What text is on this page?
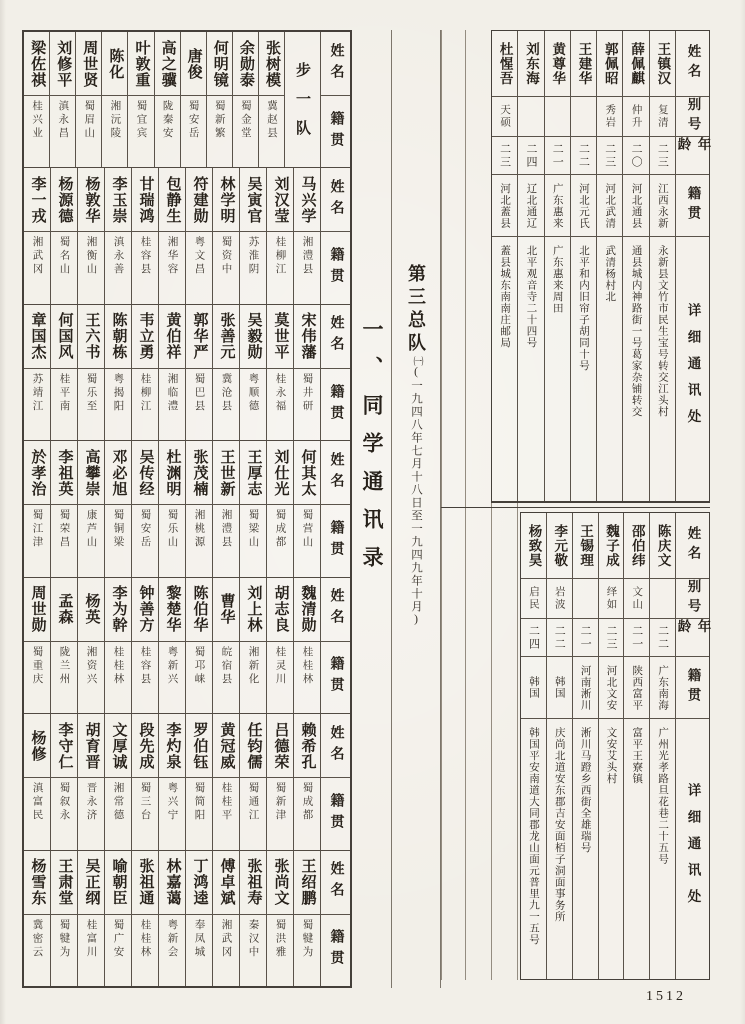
姓名
籍贯
步一队
张树模
冀赵县
余勋泰
蜀金堂
何明镜
蜀新繁
唐俊
蜀安岳
高之骥
陇秦安
叶敦重
蜀宜宾
陈化
湘沅陵
周世贤
蜀眉山
刘修平
滇永昌
梁佐祺
桂兴业
姓名
籍贯
马兴学
湘澧县
刘汉莹
桂柳江
吴寅官
苏淮阴
林学明
蜀资中
符建勋
粤文昌
包静生
湘华容
甘瑞鸿
桂容县
李玉崇
滇永善
杨敦华
湘衡山
杨源德
蜀名山
李一戎
湘武冈
姓名
籍贯
宋伟藩
蜀井研
莫世平
桂永福
吴毅勋
粤顺德
张善元
冀沧县
郭华严
蜀巴县
黄伯祥
湘临澧
韦立勇
桂柳江
陈朝栋
粤揭阳
王六书
蜀乐至
何国风
桂平南
章国杰
苏靖江
姓名
籍贯
何其太
蜀营山
刘仕光
蜀成都
王厚志
蜀梁山
王世新
湘澧县
张茂楠
湘桃源
杜渊明
蜀乐山
吴传经
蜀安岳
邓必旭
蜀铜梁
高攀崇
康芦山
李祖英
蜀荣昌
於孝治
蜀江津
姓名
籍贯
魏清勋
桂桂林
胡志良
桂灵川
刘上林
湘新化
曹华
皖宿县
陈伯华
蜀邛崃
黎楚华
粤新兴
钟善方
桂容县
李为幹
桂桂林
杨英
湘资兴
孟森
陇兰州
周世勋
蜀重庆
姓名
籍贯
赖希孔
蜀成都
吕德荣
蜀新津
任钧儒
蜀通江
黄冠威
桂桂平
罗伯钰
蜀简阳
李灼泉
粤兴宁
段先成
蜀三台
文厚诚
湘常德
胡育晋
晋永济
李守仁
蜀叙永
杨修
滇富民
姓名
籍贯
王绍鹏
蜀犍为
张尚文
蜀洪雅
张祖寿
秦汉中
傅卓斌
湘武冈
丁鸿逵
奉凤城
林嘉蔼
粤新会
张祖通
桂桂林
喻朝臣
蜀广安
吴正纲
桂富川
王肃堂
蜀犍为
杨雪东
冀密云
一、同学通讯录
第三总队㈠(一九四八年七月十八日至一九四九年十月)
姓名
别号
年龄
籍贯
详细通讯处
王镇汉
复清
二三
江西永新
永新县文竹市民生宝号转交江头村
薛佩麒
仲升
二〇
河北通县
通县城内神路街一号葛家杂铺转交
郭佩昭
秀岩
二三
河北武清
武清杨村北
王建华
二二
河北元氏
北平和内旧帘子胡同十号
黄尊华
二一
广东惠来
广东惠来周田
刘东海
二四
辽北通辽
北平观音寺二十四号
杜惺吾
天硕
二三
河北蓋县
蓋县城东南南庄邮局
姓名
别号
年龄
籍贯
详细通讯处
陈庆文
二二
广东南海
广州光孝路旦花巷二十五号
邵伯纬
文山
二一
陕西富平
富平王寮镇
魏子成
绎如
二三
河北文安
文安艾头村
王锡理
二一
河南淅川
淅川马蹬乡西街全雄瑞号
李元敬
岩波
二二
韩国
庆尚北道安东郡吉安面栢子洞面事务所
杨致昊
启民
二四
韩国
韩国平安南道大同郡龙山面元普里九一五号
1512
